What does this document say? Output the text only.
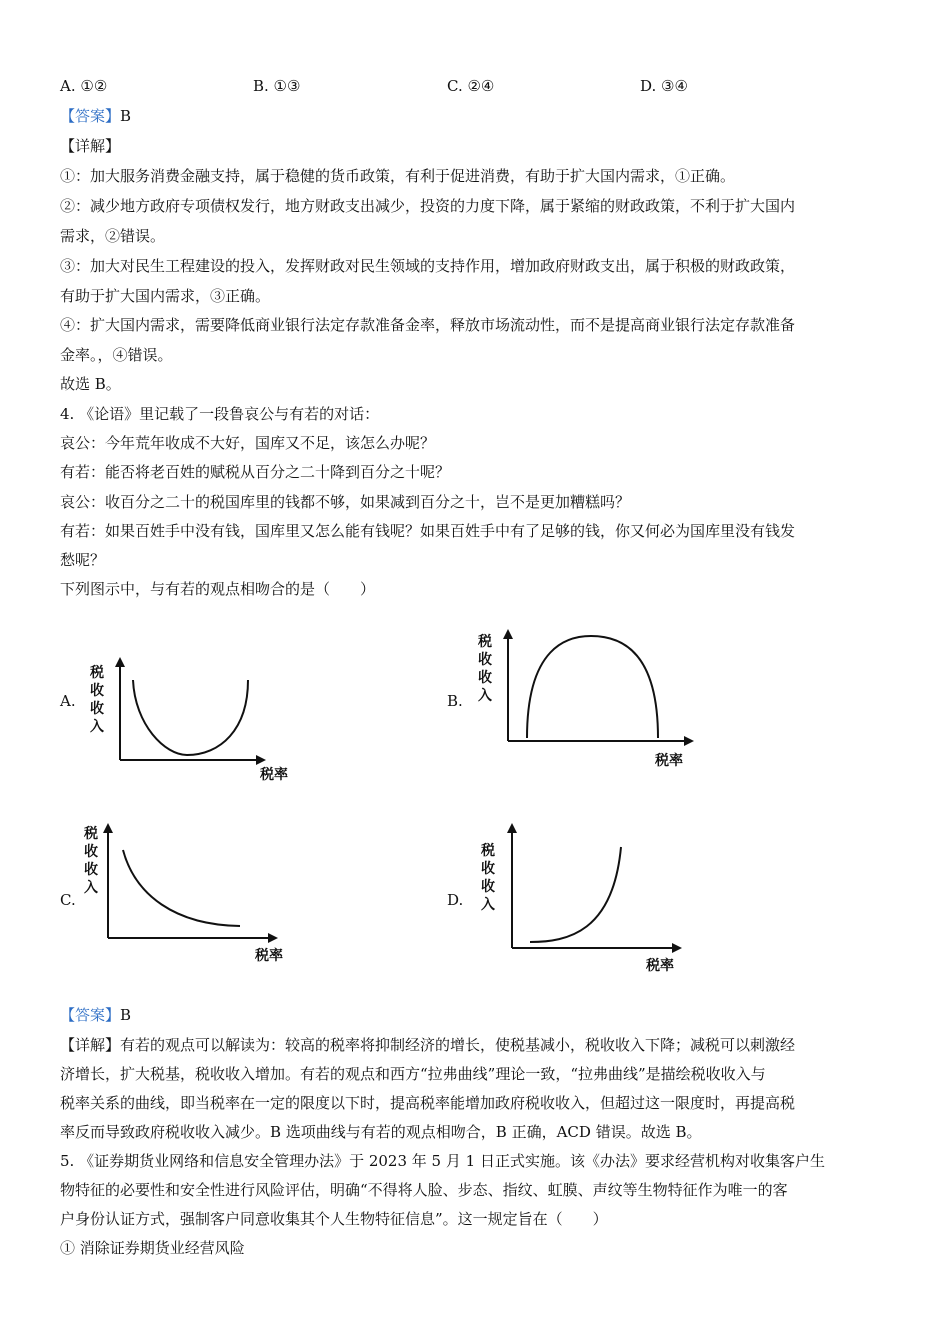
A. ①②	B. ①③	C. ②④	D. ③④
【答案】B
【详解】
①：加大服务消费金融支持，属于稳健的货币政策，有利于促进消费，有助于扩大国内需求，①正确。
②：减少地方政府专项债权发行，地方财政支出减少，投资的力度下降，属于紧缩的财政政策，不利于扩大国内
需求，②错误。
③：加大对民生工程建设的投入，发挥财政对民生领域的支持作用，增加政府财政支出，属于积极的财政政策，
有助于扩大国内需求，③正确。
④：扩大国内需求，需要降低商业银行法定存款准备金率，释放市场流动性，而不是提高商业银行法定存款准备
金率。，④错误。
故选 B。
4. 《论语》里记载了一段鲁哀公与有若的对话：
哀公：今年荒年收成不大好，国库又不足，该怎么办呢？
有若：能否将老百姓的赋税从百分之二十降到百分之十呢？
哀公：收百分之二十的税国库里的钱都不够，如果减到百分之十，岂不是更加糟糕吗？
有若：如果百姓手中没有钱，国库里又怎么能有钱呢？如果百姓手中有了足够的钱，你又何必为国库里没有钱发
愁呢？
下列图示中，与有若的观点相吻合的是（　　）
A.	B.
C.	D.
税
收
收
入
税率
税
收
收
入
税率
税
收
收
入
税率
税
收
收
入
税率
【答案】B
【详解】有若的观点可以解读为：较高的税率将抑制经济的增长，使税基减小，税收收入下降；减税可以刺激经
济增长，扩大税基，税收收入增加。有若的观点和西方“拉弗曲线”理论一致，“拉弗曲线”是描绘税收收入与
税率关系的曲线，即当税率在一定的限度以下时，提高税率能增加政府税收收入，但超过这一限度时，再提高税
率反而导致政府税收收入减少。B 选项曲线与有若的观点相吻合，B 正确，ACD 错误。故选 B。
5. 《证券期货业网络和信息安全管理办法》于 2023 年 5 月 1 日正式实施。该《办法》要求经营机构对收集客户生
物特征的必要性和安全性进行风险评估，明确“不得将人脸、步态、指纹、虹膜、声纹等生物特征作为唯一的客
户身份认证方式，强制客户同意收集其个人生物特征信息”。这一规定旨在（　　）
① 消除证券期货业经营风险
